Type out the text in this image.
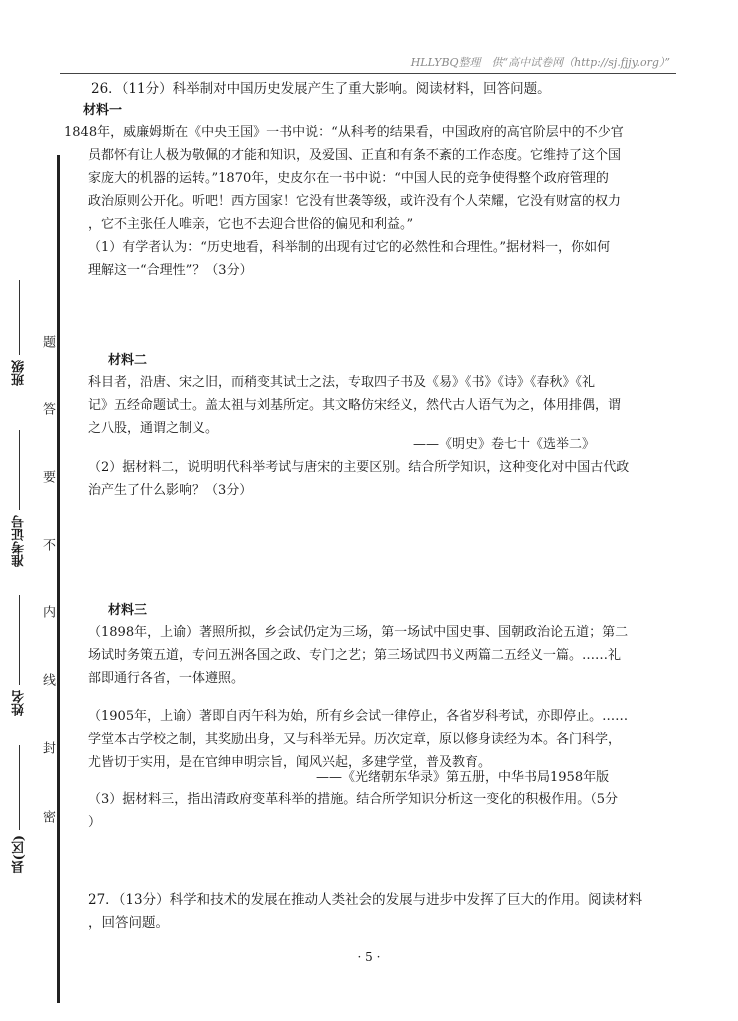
HLLYBQ整理　供“高中试卷网（http://sj.fjjy.org）”
班级
准考证号
姓名
县(区)
题
答
要
不
内
线
封
密

26．（11分）科举制对中国历史发展产生了重大影响。阅读材料，回答问题。

材料一

1848年，威廉姆斯在《中央王国》一书中说：“从科考的结果看，中国政府的高官阶层中的不少官

员都怀有让人极为敬佩的才能和知识，及爱国、正直和有条不紊的工作态度。它维持了这个国

家庞大的机器的运转。”1870年，史皮尔在一书中说：“中国人民的竞争使得整个政府管理的

政治原则公开化。听吧！西方国家！它没有世袭等级，或许没有个人荣耀，它没有财富的权力

，它不主张任人唯亲，它也不去迎合世俗的偏见和利益。”

（1）有学者认为：“历史地看，科举制的出现有过它的必然性和合理性。”据材料一，你如何

理解这一“合理性”？（3分）

材料二

科目者，沿唐、宋之旧，而稍变其试士之法，专取四子书及《易》《书》《诗》《春秋》《礼

记》五经命题试士。盖太祖与刘基所定。其文略仿宋经义，然代古人语气为之，体用排偶，谓

之八股，通谓之制义。

——《明史》卷七十《选举二》

（2）据材料二，说明明代科举考试与唐宋的主要区别。结合所学知识，这种变化对中国古代政

治产生了什么影响？（3分）

材料三

（1898年，上谕）著照所拟，乡会试仍定为三场，第一场试中国史事、国朝政治论五道；第二

场试时务策五道，专问五洲各国之政、专门之艺；第三场试四书义两篇二五经义一篇。……礼

部即通行各省，一体遵照。

（1905年，上谕）著即自丙午科为始，所有乡会试一律停止，各省岁科考试，亦即停止。……

学堂本古学校之制，其奖励出身，又与科举无异。历次定章，原以修身读经为本。各门科学，

尤皆切于实用，是在官绅申明宗旨，闻风兴起，多建学堂，普及教育。

——《光绪朝东华录》第五册，中华书局1958年版

（3）据材料三，指出清政府变革科举的措施。结合所学知识分析这一变化的积极作用。（5分

）

27．（13分）科学和技术的发展在推动人类社会的发展与进步中发挥了巨大的作用。阅读材料

，回答问题。

· 5 ·
